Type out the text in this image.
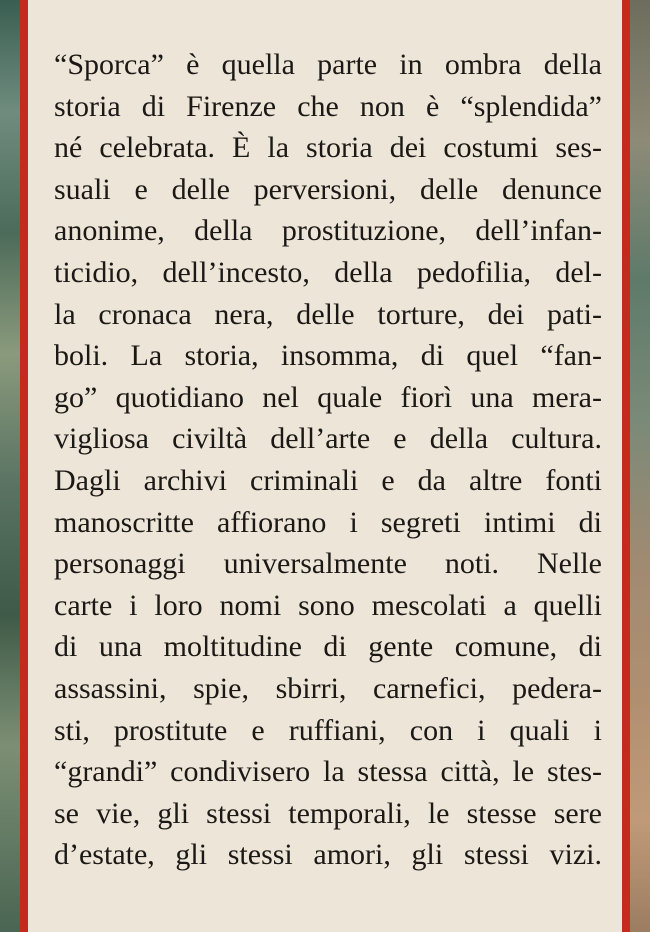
“Sporca” è quella parte in ombra della
storia di Firenze che non è “splendida”
né celebrata. È la storia dei costumi ses-
suali e delle perversioni, delle denunce
anonime, della prostituzione, dell’infan-
ticidio, dell’incesto, della pedofilia, del-
la cronaca nera, delle torture, dei pati-
boli. La storia, insomma, di quel “fan-
go” quotidiano nel quale fiorì una mera-
vigliosa civiltà dell’arte e della cultura.
Dagli archivi criminali e da altre fonti
manoscritte affiorano i segreti intimi di
personaggi universalmente noti. Nelle
carte i loro nomi sono mescolati a quelli
di una moltitudine di gente comune, di
assassini, spie, sbirri, carnefici, pedera-
sti, prostitute e ruffiani, con i quali i
“grandi” condivisero la stessa città, le stes-
se vie, gli stessi temporali, le stesse sere
d’estate, gli stessi amori, gli stessi vizi.
